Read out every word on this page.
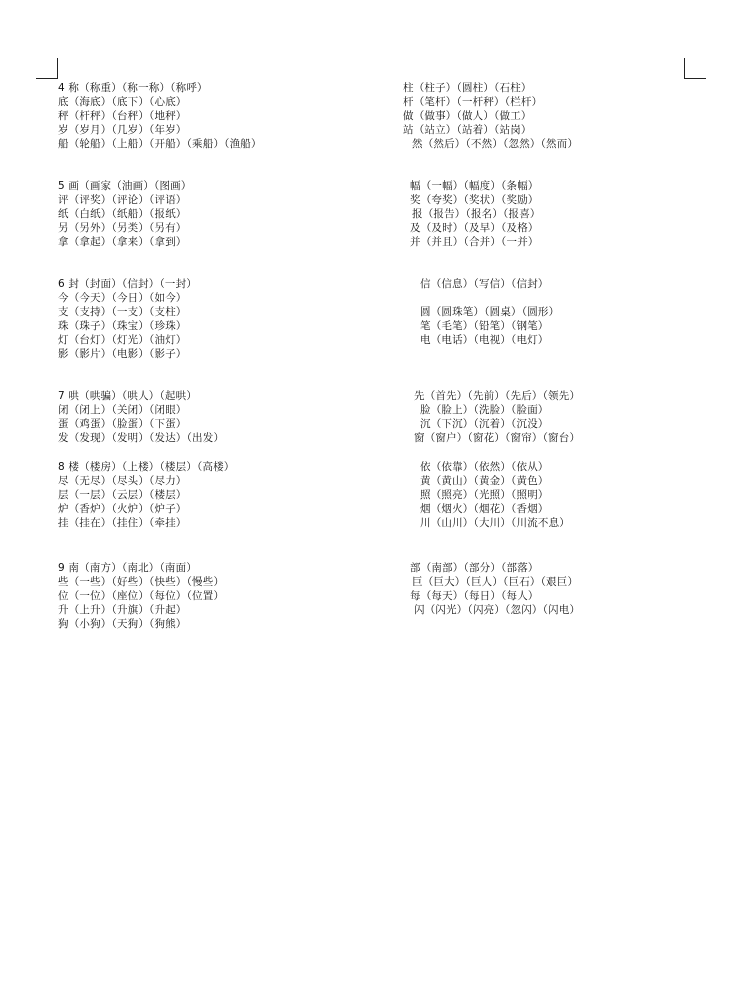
4 称（称重）（称一称）（称呼）
底（海底）（底下）（心底）
秤（杆秤）（台秤）（地秤）
岁（岁月）（几岁）（年岁）
船（轮船）（上船）（开船）（乘船）（渔船）
5 画（画家（油画）（图画）
评（评奖）（评论）（评语）
纸（白纸）（纸船）（报纸）
另（另外）（另类）（另有）
拿（拿起）（拿来）（拿到）
6 封（封面）（信封）（一封）
今（今天）（今日）（如今）
支（支持）（一支）（支柱）
珠（珠子）（珠宝）（珍珠）
灯（台灯）（灯光）（油灯）
影（影片）（电影）（影子）
7 哄（哄骗）（哄人）（起哄）
闭（闭上）（关闭）（闭眼）
蛋（鸡蛋）（脸蛋）（下蛋）
发（发现）（发明）（发达）（出发）
8 楼（楼房）（上楼）（楼层）（高楼）
尽（无尽）（尽头）（尽力）
层（一层）（云层）（楼层）
炉（香炉）（火炉）（炉子）
挂（挂在）（挂住）（牵挂）
9 南（南方）（南北）（南面）
些（一些）（好些）（快些）（慢些）
位（一位）（座位）（每位）（位置）
升（上升）（升旗）（升起）
狗（小狗）（天狗）（狗熊）
柱（柱子）（圆柱）（石柱）
杆（笔杆）（一杆秤）（栏杆）
做（做事）（做人）（做工）
站（站立）（站着）（站岗）
然（然后）（不然）（忽然）（然而）
幅（一幅）（幅度）（条幅）
奖（夸奖）（奖状）（奖励）
报（报告）（报名）（报喜）
及（及时）（及早）（及格）
并（并且）（合并）（一并）
信（信息）（写信）（信封）
圆（圆珠笔）（圆桌）（圆形）
笔（毛笔）（铅笔）（钢笔）
电（电话）（电视）（电灯）
先（首先）（先前）（先后）（领先）
脸（脸上）（洗脸）（脸面）
沉（下沉）（沉着）（沉没）
窗（窗户）（窗花）（窗帘）（窗台）
依（依靠）（依然）（依从）
黄（黄山）（黄金）（黄色）
照（照亮）（光照）（照明）
烟（烟火）（烟花）（香烟）
川（山川）（大川）（川流不息）
部（南部）（部分）（部落）
巨（巨大）（巨人）（巨石）（艰巨）
每（每天）（每日）（每人）
闪（闪光）（闪亮）（忽闪）（闪电）
